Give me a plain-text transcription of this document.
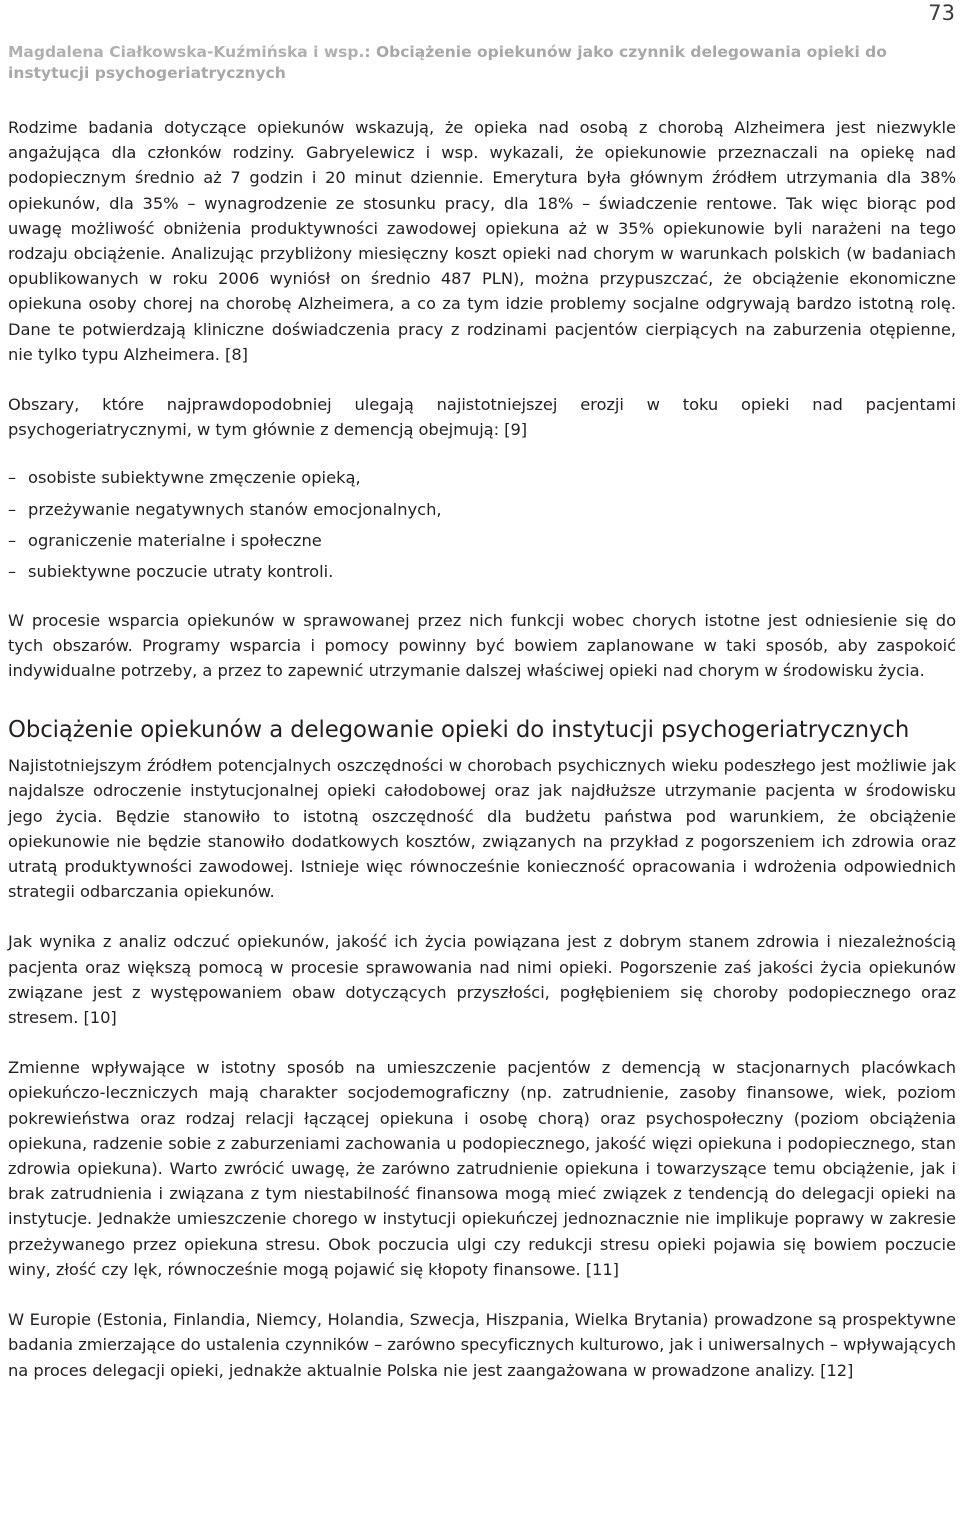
73
Magdalena Ciałkowska-Kuźmińska i wsp.: Obciążenie opiekunów jako czynnik delegowania opieki do instytucji psychogeriatrycznych

Rodzime badania dotyczące opiekunów wskazują, że opieka nad osobą z chorobą Alzheimera jest niezwykle angażująca dla członków rodziny. Gabryelewicz i wsp. wykazali, że opiekunowie przeznaczali na opiekę nad podopiecznym średnio aż 7 godzin i 20 minut dziennie. Emerytura była głównym źródłem utrzymania dla 38% opiekunów, dla 35% – wynagrodzenie ze stosunku pracy, dla 18% – świadczenie rentowe. Tak więc biorąc pod uwagę możliwość obniżenia produktywności zawodowej opiekuna aż w 35% opiekunowie byli narażeni na tego rodzaju obciążenie. Analizując przybliżony miesięczny koszt opieki nad chorym w warunkach polskich (w badaniach opublikowanych w roku 2006 wyniósł on średnio 487 PLN), można przypuszczać, że obciążenie ekonomiczne opiekuna osoby chorej na chorobę Alzheimera, a co za tym idzie problemy socjalne odgrywają bardzo istotną rolę. Dane te potwierdzają kliniczne doświadczenia pracy z rodzinami pacjentów cierpiących na zaburzenia otępienne, nie tylko typu Alzheimera. [8]

Obszary, które najprawdopodobniej ulegają najistotniejszej erozji w toku opieki nad pacjentami psychogeriatrycznymi, w tym głównie z demencją obejmują: [9]

– osobiste subiektywne zmęczenie opieką,
– przeżywanie negatywnych stanów emocjonalnych,
– ograniczenie materialne i społeczne
– subiektywne poczucie utraty kontroli.

W procesie wsparcia opiekunów w sprawowanej przez nich funkcji wobec chorych istotne jest odniesienie się do tych obszarów. Programy wsparcia i pomocy powinny być bowiem zaplanowane w taki sposób, aby zaspokoić indywidualne potrzeby, a przez to zapewnić utrzymanie dalszej właściwej opieki nad chorym w środowisku życia.

Obciążenie opiekunów a delegowanie opieki do instytucji psychogeriatrycznych

Najistotniejszym źródłem potencjalnych oszczędności w chorobach psychicznych wieku podeszłego jest możliwie jak najdalsze odroczenie instytucjonalnej opieki całodobowej oraz jak najdłuższe utrzymanie pacjenta w środowisku jego życia. Będzie stanowiło to istotną oszczędność dla budżetu państwa pod warunkiem, że obciążenie opiekunowie nie będzie stanowiło dodatkowych kosztów, związanych na przykład z pogorszeniem ich zdrowia oraz utratą produktywności zawodowej. Istnieje więc równocześnie konieczność opracowania i wdrożenia odpowiednich strategii odbarczania opiekunów.

Jak wynika z analiz odczuć opiekunów, jakość ich życia powiązana jest z dobrym stanem zdrowia i niezależnością pacjenta oraz większą pomocą w procesie sprawowania nad nimi opieki. Pogorszenie zaś jakości życia opiekunów związane jest z występowaniem obaw dotyczących przyszłości, pogłębieniem się choroby podopiecznego oraz stresem. [10]

Zmienne wpływające w istotny sposób na umieszczenie pacjentów z demencją w stacjonarnych placówkach opiekuńczo-leczniczych mają charakter socjodemograficzny (np. zatrudnienie, zasoby finansowe, wiek, poziom pokrewieństwa oraz rodzaj relacji łączącej opiekuna i osobę chorą) oraz psychospołeczny (poziom obciążenia opiekuna, radzenie sobie z zaburzeniami zachowania u podopiecznego, jakość więzi opiekuna i podopiecznego, stan zdrowia opiekuna). Warto zwrócić uwagę, że zarówno zatrudnienie opiekuna i towarzyszące temu obciążenie, jak i brak zatrudnienia i związana z tym niestabilność finansowa mogą mieć związek z tendencją do delegacji opieki na instytucje. Jednakże umieszczenie chorego w instytucji opiekuńczej jednoznacznie nie implikuje poprawy w zakresie przeżywanego przez opiekuna stresu. Obok poczucia ulgi czy redukcji stresu opieki pojawia się bowiem poczucie winy, złość czy lęk, równocześnie mogą pojawić się kłopoty finansowe. [11]

W Europie (Estonia, Finlandia, Niemcy, Holandia, Szwecja, Hiszpania, Wielka Brytania) prowadzone są prospektywne badania zmierzające do ustalenia czynników – zarówno specyficznych kulturowo, jak i uniwersalnych – wpływających na proces delegacji opieki, jednakże aktualnie Polska nie jest zaangażowana w prowadzone analizy. [12]
